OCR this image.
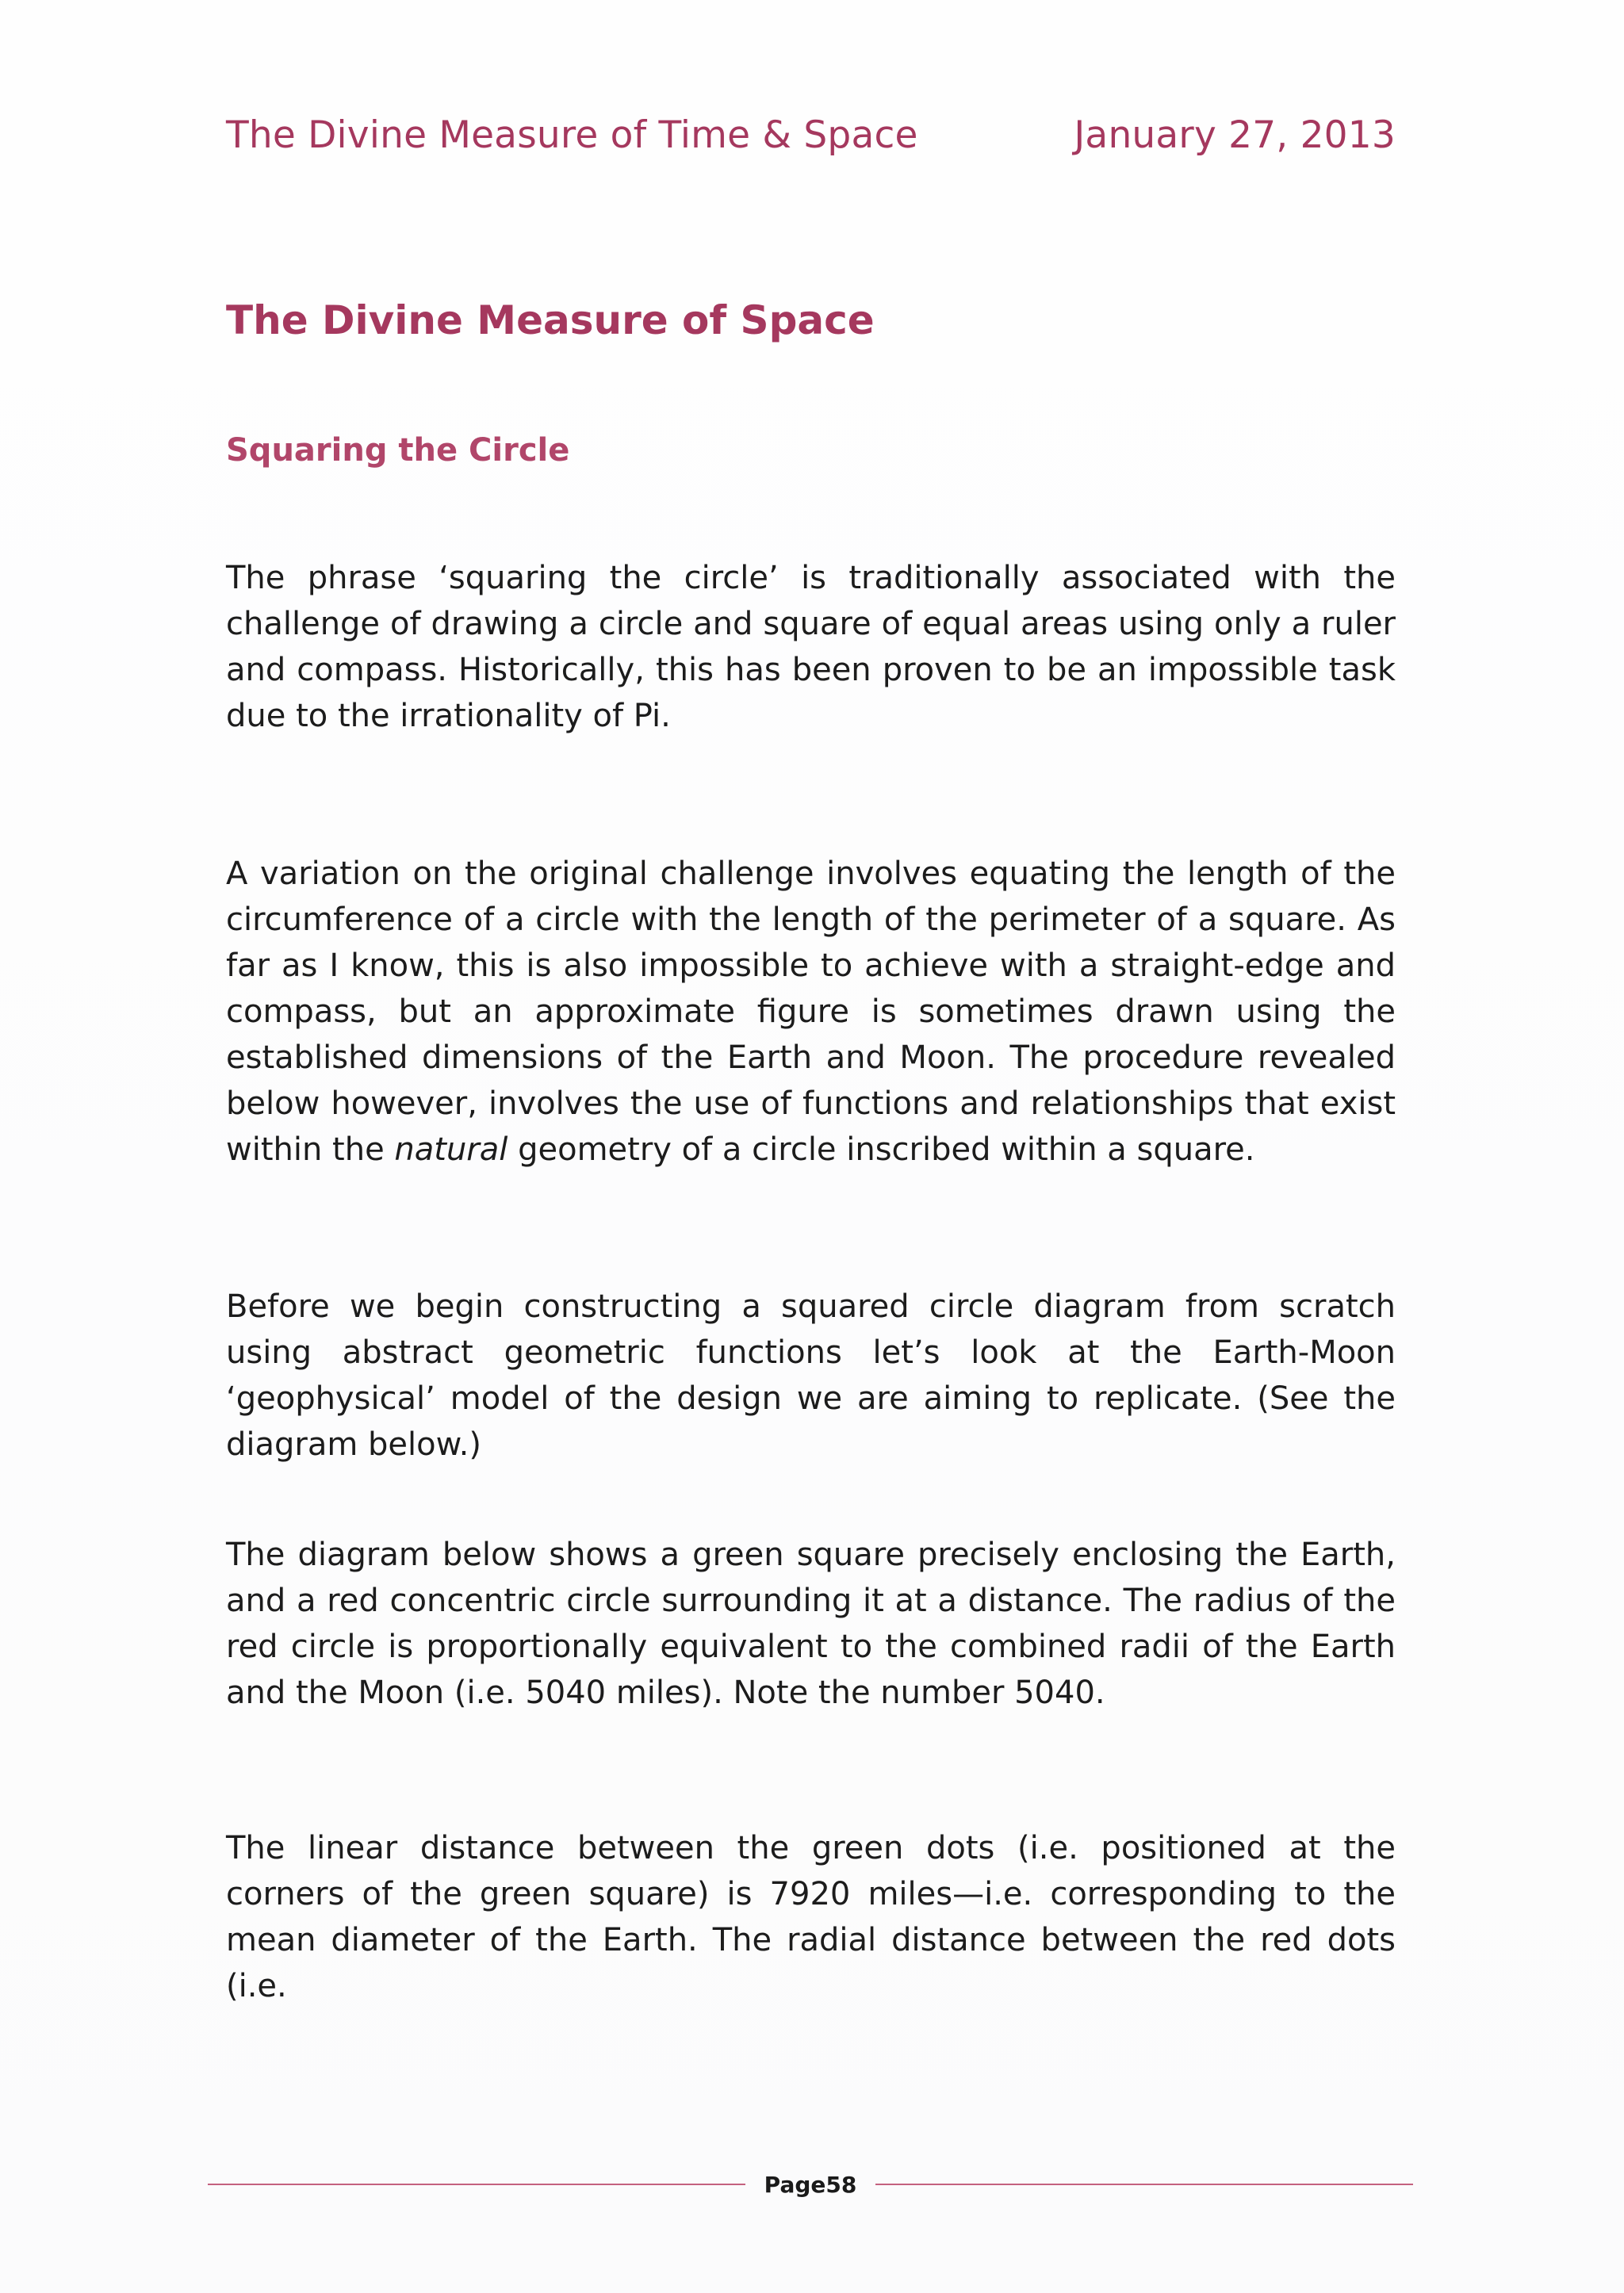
The Divine Measure of Time & Space	January 27, 2013
The Divine Measure of Space
Squaring the Circle

The phrase ‘squaring the circle’ is traditionally associated with the challenge of drawing a circle and square of equal areas using only a ruler and compass. Historically, this has been proven to be an impossible task due to the irrationality of Pi.

A variation on the original challenge involves equating the length of the circumference of a circle with the length of the perimeter of a square. As far as I know, this is also impossible to achieve with a straight-edge and compass, but an approximate figure is sometimes drawn using the established dimensions of the Earth and Moon. The procedure revealed below however, involves the use of functions and relationships that exist within the natural geometry of a circle inscribed within a square.

Before we begin constructing a squared circle diagram from scratch using abstract geometric functions let’s look at the Earth-Moon ‘geophysical’ model of the design we are aiming to replicate. (See the diagram below.)

The diagram below shows a green square precisely enclosing the Earth, and a red concentric circle surrounding it at a distance. The radius of the red circle is proportionally equivalent to the combined radii of the Earth and the Moon (i.e. 5040 miles). Note the number 5040.

The linear distance between the green dots (i.e. positioned at the corners of the green square) is 7920 miles—i.e. corresponding to the mean diameter of the Earth. The radial distance between the red dots (i.e.

Page58
